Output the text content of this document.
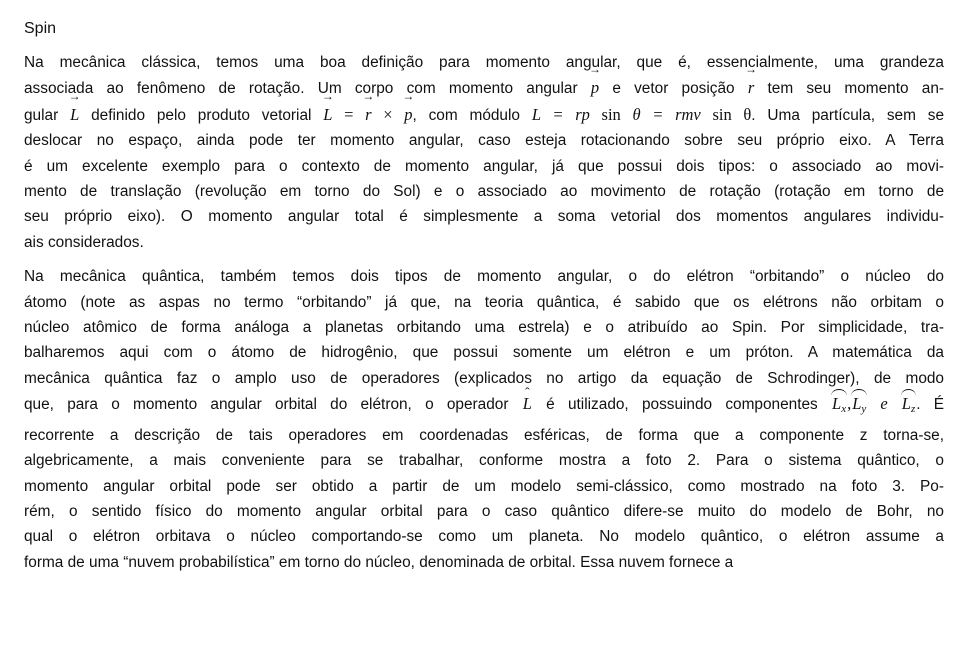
Spin
Na mecânica clássica, temos uma boa definição para momento angular, que é, essencialmente, uma grandeza
associada ao fenômeno de rotação. Um corpo com momento angular → p e vetor posição → r tem seu momento an-
gular → L definido pelo produto vetorial → L = → r × → p, com módulo L = rp sin θ = rmv sin θ. Uma partícula, sem se
deslocar no espaço, ainda pode ter momento angular, caso esteja rotacionando sobre seu próprio eixo. A Terra
é um excelente exemplo para o contexto de momento angular, já que possui dois tipos: o associado ao movi-
mento de translação (revolução em torno do Sol) e o associado ao movimento de rotação (rotação em torno de
seu próprio eixo). O momento angular total é simplesmente a soma vetorial dos momentos angulares individu-
ais considerados.
Na mecânica quântica, também temos dois tipos de momento angular, o do elétron “orbitando” o núcleo do
átomo (note as aspas no termo “orbitando” já que, na teoria quântica, é sabido que os elétrons não orbitam o
núcleo atômico de forma análoga a planetas orbitando uma estrela) e o atribuído ao Spin. Por simplicidade, tra-
balharemos aqui com o átomo de hidrogênio, que possui somente um elétron e um próton. A matemática da
mecânica quântica faz o amplo uso de operadores (explicados no artigo da equação de Schrodinger), de modo
que, para o momento angular orbital do elétron, o operador ˆ L é utilizado, possuindo componentes $L_x,L_y$ e $L_z$. É
recorrente a descrição de tais operadores em coordenadas esféricas, de forma que a componente z torna-se,
algebricamente, a mais conveniente para se trabalhar, conforme mostra a foto 2. Para o sistema quântico, o
momento angular orbital pode ser obtido a partir de um modelo semi-clássico, como mostrado na foto 3. Po-
rém, o sentido físico do momento angular orbital para o caso quântico difere-se muito do modelo de Bohr, no
qual o elétron orbitava o núcleo comportando-se como um planeta. No modelo quântico, o elétron assume a
forma de uma “nuvem probabilística” em torno do núcleo, denominada de orbital. Essa nuvem fornece a
